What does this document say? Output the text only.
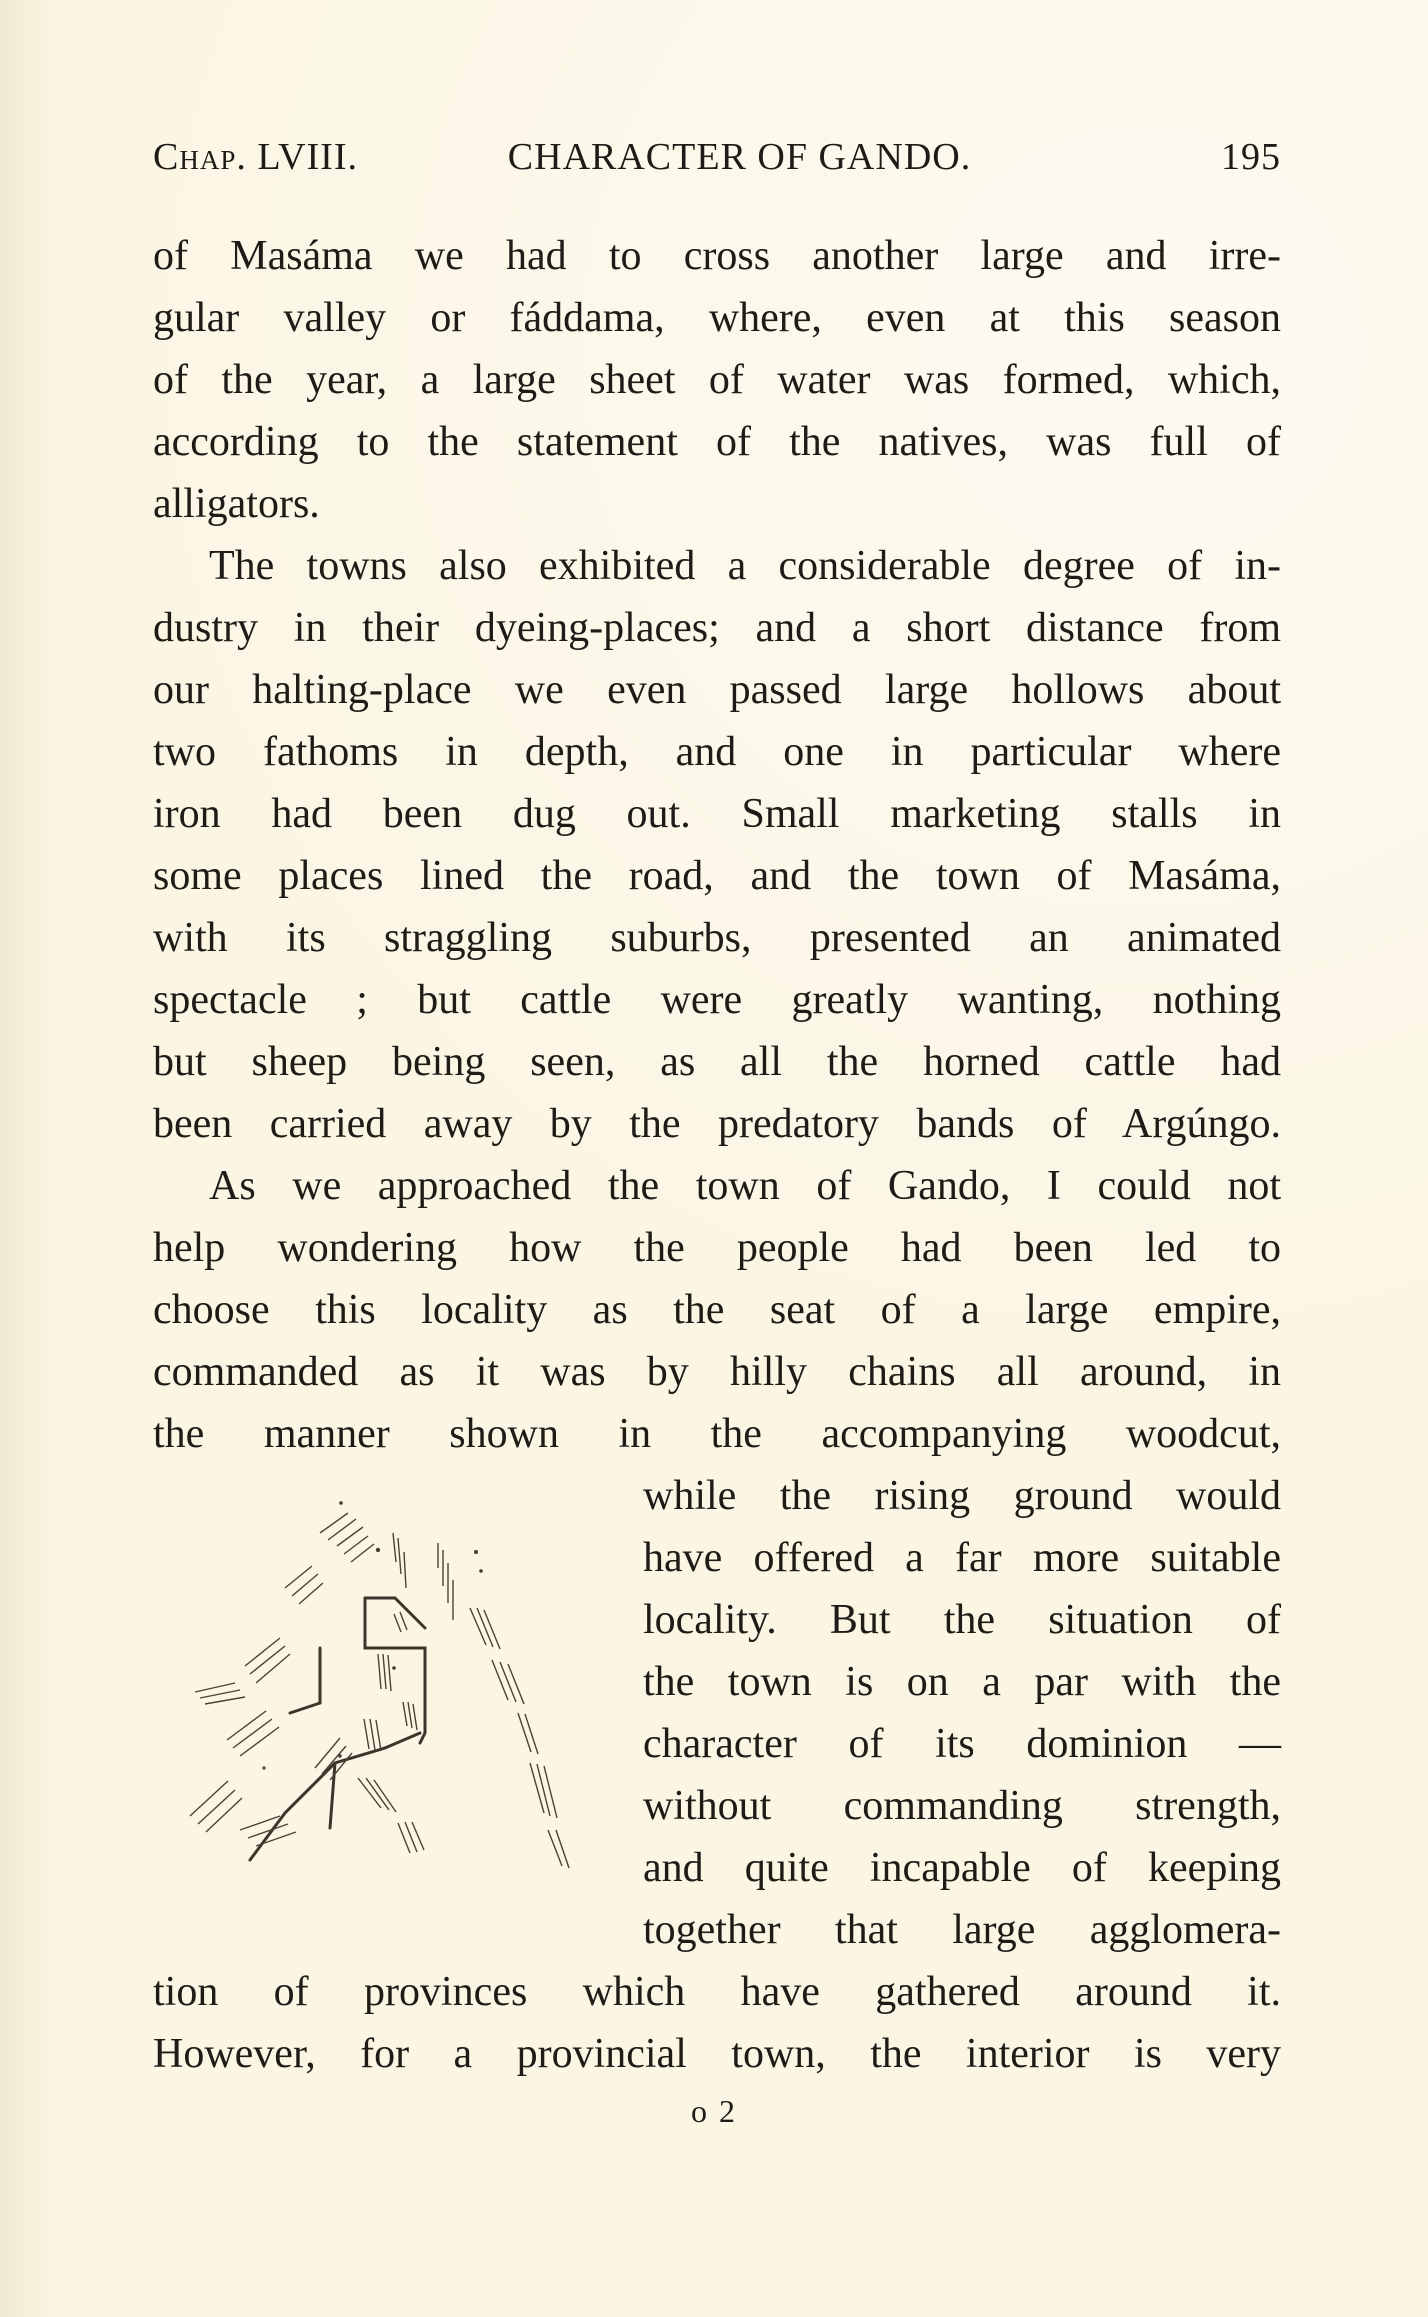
Chap. LVIII.	CHARACTER OF GANDO.	195
of Masáma we had to cross another large and irre-
gular valley or fáddama, where, even at this season
of the year, a large sheet of water was formed, which,
according to the statement of the natives, was full of
alligators.
The towns also exhibited a considerable degree of in-
dustry in their dyeing-places; and a short distance from
our halting-place we even passed large hollows about
two fathoms in depth, and one in particular where
iron had been dug out. Small marketing stalls in
some places lined the road, and the town of Masáma,
with its straggling suburbs, presented an animated
spectacle ; but cattle were greatly wanting, nothing
but sheep being seen, as all the horned cattle had
been carried away by the predatory bands of Argúngo.
As we approached the town of Gando, I could not
help wondering how the people had been led to
choose this locality as the seat of a large empire,
commanded as it was by hilly chains all around, in
the manner shown in the accompanying woodcut,
while the rising ground would
have offered a far more suitable
locality. But the situation of
the town is on a par with the
character of its dominion —
without commanding strength,
and quite incapable of keeping
together that large agglomera-
tion of provinces which have gathered around it.
However, for a provincial town, the interior is very
o 2
